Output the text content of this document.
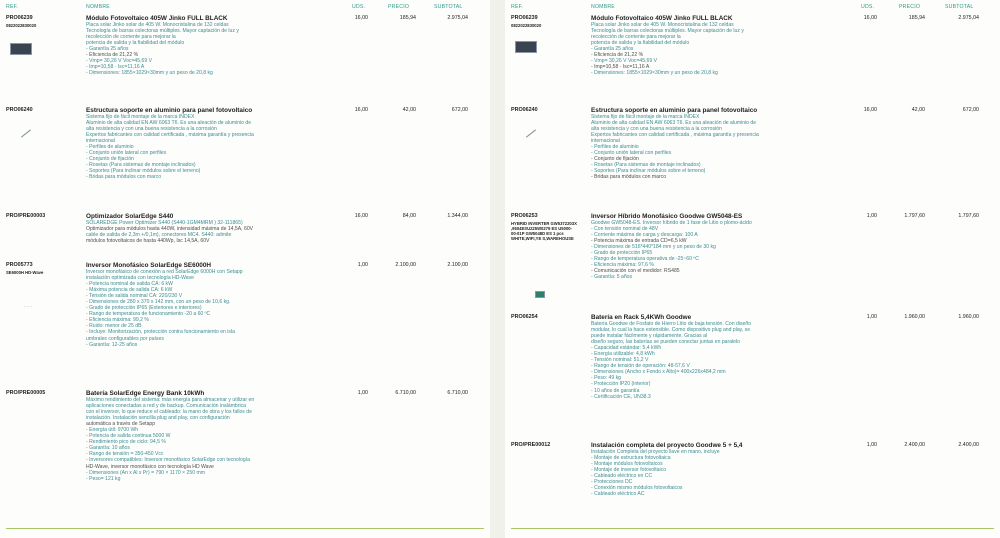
REF.	NOMBRE	UDS.	PRECIO	SUBTOTAL
PRO06239
0822022830020
Módulo Fotovoltaico 405W Jinko FULL BLACK	16,00	185,94	2.975,04
Placa solar Jinko solar de 405 W. Monocristalina de 132 celdas
Tecnología de barras colectoras múltiples. Mayor captación de luz y
recolección de corriente para mejorar la
potencia de salida y la fiabilidad del módulo
- Garantía 25 años
- Eficiencia de 21,22 %
- Vmp= 30,26 V Voc=45,69 V
- Imp=10,58 · Isc=11,16 A
- Dimensiones: 1855×1029×30mm y un peso de 20,8 kg
PRO06240	Estructura soporte en aluminio para panel fotovoltaico	16,00	42,00	672,00
Sistema fijo de fácil montaje de la marca INDEX
Aluminio de alta calidad EN AW 6063 T6. Es una aleación de aluminio de
alta resistencia y con una buena resistencia a la corrosión
Expertos fabricantes con calidad certificada , máxima garantía y presencia
internacional
- Perfiles de aluminio
- Conjunto unión lateral con perfiles
- Conjunto de fijación
- Rosetas (Para sistemas de montaje inclinados)
- Soportes (Para inclinar módulos sobre el terreno)
- Bridas para módulos con marco
PRO/PRE00003	Optimizador SolarEdge S440	16,00	84,00	1.344,00
SOLAREDGE Power Optimizer S440 (S440-1GM4MRM ) 32-111865)
Optimizador para módulos hasta 440W, intensidad máxima de 14,5A, 60V
cable de salida de 2,3m +/0,1m), conectores MC4. S440: admite
módulos fotovoltaicos de hasta 440Wp, Isc 14,5A, 60V
PRO05773
SE6000H HD-Wave
···
Inversor Monofásico SolarEdge SE6000H	1,00	2.100,00	2.100,00
Inversor monofásico de conexión a red SolarEdge 6000H con Setapp
instalación optimizada con tecnología HD-Wave
- Potencia nominal de salida CA: 6 kW
- Máxima potencia de salida CA: 6 kW
- Tensión de salida nominal CA: 220/230 V
- Dimensiones de 280 x 370 x 142 mm, con un peso de 10,6 kg.
- Grado de protección IP65 (Exteriores e interiores)
- Rango de temperatura de funcionamiento -20 a 60 ºC
- Eficiencia máxima: 99,2 %
- Ruido: menor de 25 dB
- Incluye: Monitorización, protección contra funcionamiento en isla
umbrales configurables por países
- Garantía: 12-25 años
PRO/PRE00005	Batería SolarEdge Energy Bank 10kWh	1,00	6.710,00	6.710,00
Máximo rendimiento del sistema: más energía para almacenar y utilizar en
aplicaciones conectadas a red y de backup. Comunicación inalámbrica
con el inversor, lo que reduce el cableado: la mano de obra y los fallos de
instalación. Instalación sencilla plug and play, con configuración
automática a través de Setapp
- Energía útil: 9700 Wh
- Potencia de salida continua 5000 W
- Rendimiento pico de ciclo: 94,5 %
- Garantía: 10 años
- Rango de tensión = 350-450 Vcc
- Inversores compatibles: Inversor monofásico SolarEdge con tecnología
HD-Wave, inversor monofásico con tecnología HD Wave
- Dimensiones (An x Al x Pr) = 790 × 1170 × 250 mm
- Peso= 121 kg
REF.	NOMBRE	UDS.	PRECIO	SUBTOTAL
PRO06239
0822022830020
Módulo Fotovoltaico 405W Jinko FULL BLACK	16,00	185,94	2.975,04
Placa solar Jinko solar de 405 W. Monocristalina de 132 celdas
Tecnología de barras colectoras múltiples. Mayor captación de luz y
recolección de corriente para mejorar la
potencia de salida y la fiabilidad del módulo
- Garantía 25 años
- Eficiencia de 21,22 %
- Vmp= 30,26 V Voc=45,69 V
- Imp=10,58 · Isc=11,16 A
- Dimensiones: 1855×1029×30mm y un peso de 20,8 kg
PRO06240	Estructura soporte en aluminio para panel fotovoltaico	16,00	42,00	672,00
Sistema fijo de fácil montaje de la marca INDEX
Aluminio de alta calidad EN AW 6063 T6. Es una aleación de aluminio de
alta resistencia y con una buena resistencia a la corrosión
Expertos fabricantes con calidad certificada , máxima garantía y presencia
internacional
- Perfiles de aluminio
- Conjunto unión lateral con perfiles
- Conjunto de fijación
- Rosetas (Para sistemas de montaje inclinados)
- Soportes (Para inclinar módulos sobre el terreno)
- Bridas para módulos con marco
PRO06253
HYBRID INVERTER GW5372203X ,9504ESU225W0279 ES U5000-00-01P GW5048D ES 1 pcs WHITE,WIFI,YE S,WAREHOUSE
Inversor Híbrido Monofásico Goodwe GW5048-ES	1,00	1.797,60	1.797,60
Goodwe GW5048-ES. Inversor híbrido de 1 fase de Litio o plomo-ácido
- Con tensión nominal de 48V
- Corriente máxima de carga y descarga: 100 A
- Potencia máxima de entrada CD=6,5 kW
- Dimensiones de 516*440*184 mm y un peso de 30 kg
- Grado de protección IP65
- Rango de temperatura operativa de -25~60 ºC
- Eficiencia máxima: 97,6 %
- Comunicación con el medidor: RS485
- Garantía: 5 años
PRO06254	Batería en Rack 5,4KWh Goodwe	1,00	1.960,00	1.960,00
Batería Goodwe de Fosfato de Hierro Litio de baja tensión. Con diseño
modular, lo cual la hace extensible. Como dispositivo plug and play, se
puede instalar fácilmente y rápidamente. Gracias al
diseño seguro, las baterías se pueden conectar juntas en paralelo
- Capacidad estándar: 5,4 kWh
- Energía utilizable: 4,8 kWh
- Tensión nominal: 51,2 V
- Rango de tensión de operación: 48-57,6 V
- Dimensiones (Ancho x Fondo x Alto)= 400x226x484,2 mm
- Peso: 49 kg
- Protección IP20 (interior)
- 10 años de garantía
- Certificación CE, UN38.3
PRO/PRE00012	Instalación completa del proyecto Goodwe 5 + 5,4	1,00	2.400,00	2.400,00
Instalación Completa del proyecto llave en mano, incluye
- Montaje de estructura fotovoltaica
- Montaje módulos fotovoltaicos
- Montaje de inversor fotovoltaico
- Cableado eléctrico en CC
- Protecciones DC
- Conexión mismo módulos fotovoltaicos
- Cableado eléctrico AC
